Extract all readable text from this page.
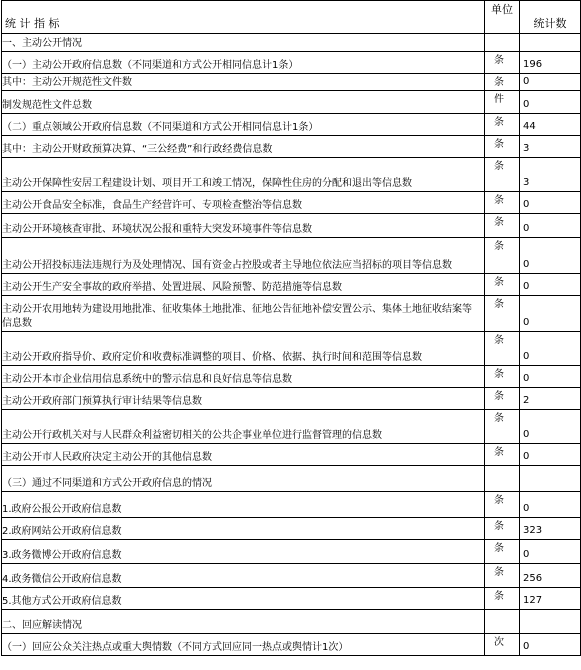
统 计 指 标	单位	统计数
一、主动公开情况		
（一）主动公开政府信息数（不同渠道和方式公开相同信息计1条）	条	196
其中：主动公开规范性文件数	条	0
制发规范性文件总数	件	0
（二）重点领域公开政府信息数（不同渠道和方式公开相同信息计1条）	条	44
其中：主动公开财政预算决算、“三公经费”和行政经费信息数	条	3
主动公开保障性安居工程建设计划、项目开工和竣工情况，保障性住房的分配和退出等信息数	条	3
主动公开食品安全标准，食品生产经营许可、专项检查整治等信息数	条	0
主动公开环境核查审批、环境状况公报和重特大突发环境事件等信息数	条	0
主动公开招投标违法违规行为及处理情况、国有资金占控股或者主导地位依法应当招标的项目等信息数	条	0
主动公开生产安全事故的政府举措、处置进展、风险预警、防范措施等信息数	条	0
主动公开农用地转为建设用地批准、征收集体土地批准、征地公告征地补偿安置公示、集体土地征收结案等信息数	条	0
主动公开政府指导价、政府定价和收费标准调整的项目、价格、依据、执行时间和范围等信息数	条	0
主动公开本市企业信用信息系统中的警示信息和良好信息等信息数	条	0
主动公开政府部门预算执行审计结果等信息数	条	2
主动公开行政机关对与人民群众利益密切相关的公共企事业单位进行监督管理的信息数	条	0
主动公开市人民政府决定主动公开的其他信息数	条	0
（三）通过不同渠道和方式公开政府信息的情况		
1.政府公报公开政府信息数	条	0
2.政府网站公开政府信息数	条	323
3.政务微博公开政府信息数	条	0
4.政务微信公开政府信息数	条	256
5.其他方式公开政府信息数	条	127
二、回应解读情况		
（一）回应公众关注热点或重大舆情数（不同方式回应同一热点或舆情计1次）	次	0
